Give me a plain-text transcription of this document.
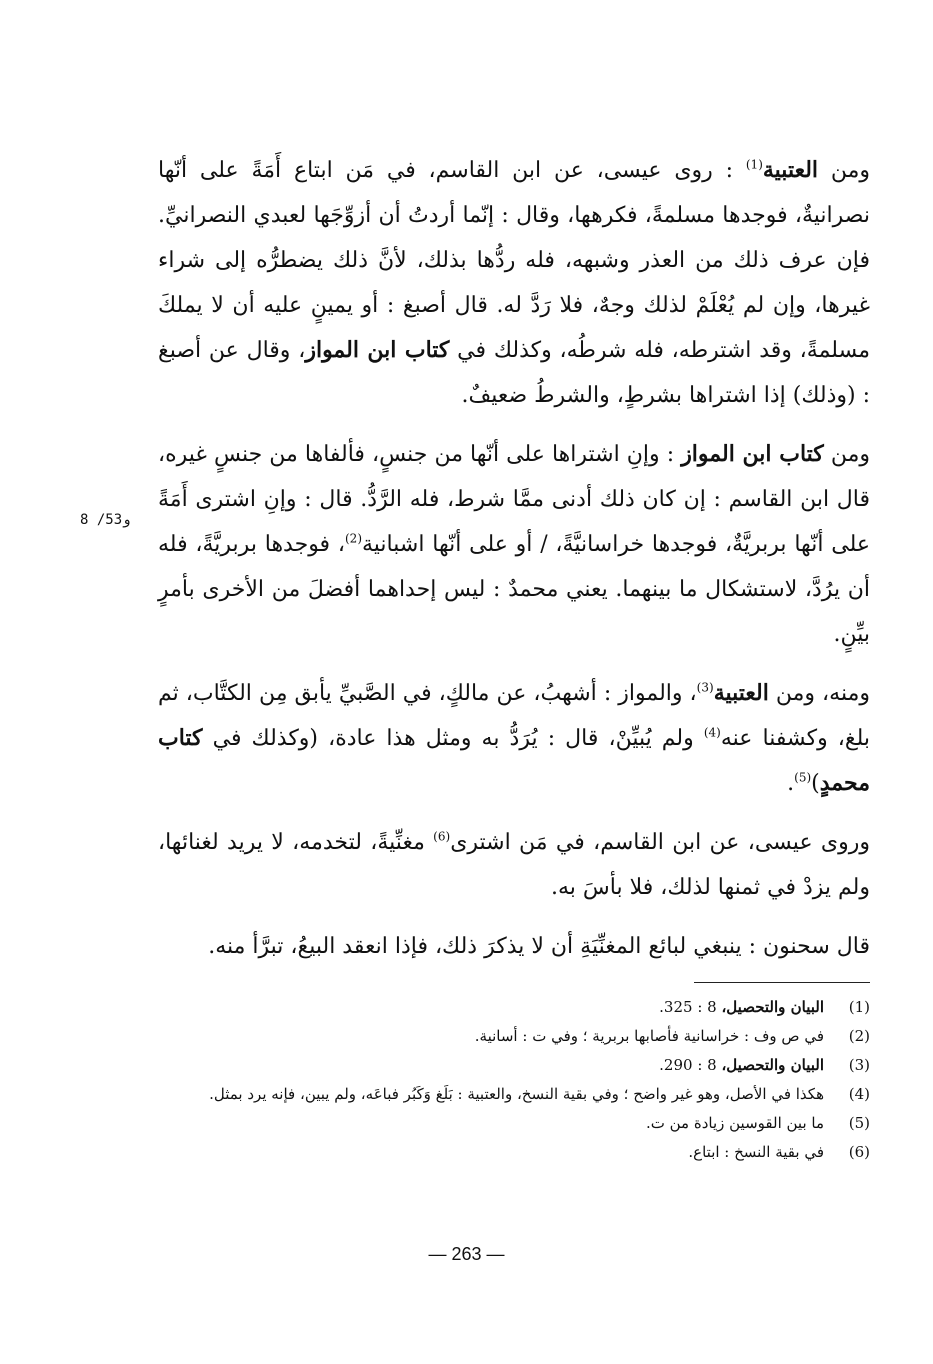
ومن العتبية$^{(1)}$ : روى عيسى، عن ابن القاسم، في مَن ابتاع أَمَةً على أنّها نصرانيةٌ، فوجدها مسلمةً، فكرهها، وقال : إنّما أردتُ أن أزوِّجَها لعبدي النصرانيِّ. فإن عرف ذلك من العذر وشبهه، فله ردُّها بذلك، لأنَّ ذلك يضطرُّه إلى شراء غيرها، وإن لم يُعْلَمْ لذلك وجهٌ، فلا رَدَّ له. قال أصبغ : أو يمينٍ عليه أن لا يملكَ مسلمةً، وقد اشترطه، فله شرطُه، وكذلك في كتاب ابن المواز، وقال عن أصبغ : (وذلك) إذا اشتراها بشرطٍ، والشرطُ ضعيفٌ.

ومن كتاب ابن المواز : وإنِ اشتراها على أنّها من جنسٍ، فألفاها من جنسٍ غيره، قال ابن القاسم : إن كان ذلك أدنى ممَّا شرط، فله الرَّدُّ. قال : وإنِ اشترى أَمَةً على أنّها بربريَّةٌ، فوجدها خراسانيَّةً، / أو على أنّها اشبانية$^{(2)}$، فوجدها بربريَّةً، فله أن يرُدَّ، لاستشكال ما بينهما. يعني محمدٌ : ليس إحداهما أفضلَ من الأخرى بأمرٍ بيِّنٍ.

ومنه، ومن العتبية$^{(3)}$، والمواز : أشهبُ، عن مالكٍ، في الصَّبيِّ يأبق مِن الكتَّاب، ثم بلغ، وكشفنا عنه$^{(4)}$ ولم يُبيِّنْ، قال : يُرَدُّ به ومثل هذا عادة، (وكذلك في كتاب محمدٍ)$^{(5)}$.

وروى عيسى، عن ابن القاسم، في مَن اشترى$^{(6)}$ مغنِّيةً، لتخدمه، لا يريد لغنائها، ولم يزدْ في ثمنها لذلك، فلا بأسَ به.

قال سحنون : ينبغي لبائع المغنِّيَةِ أن لا يذكرَ ذلك، فإذا انعقد البيعُ، تبرَّأ منه.

8 /53و
(1)
البيان والتحصيل، 8 : 325.
(2)
في ص وف : خراسانية فأصابها بربرية ؛ وفي ت : أسانية.
(3)
البيان والتحصيل، 8 : 290.
(4)
هكذا في الأصل، وهو غير واضح ؛ وفي بقية النسخ، والعتبية : بَلَغ وَكَبُر فباعَه، ولم يبين، فإنه يرد بمثل.
(5)
ما بين القوسين زيادة من ت.
(6)
في بقية النسخ : ابتاع.
— 263 —
